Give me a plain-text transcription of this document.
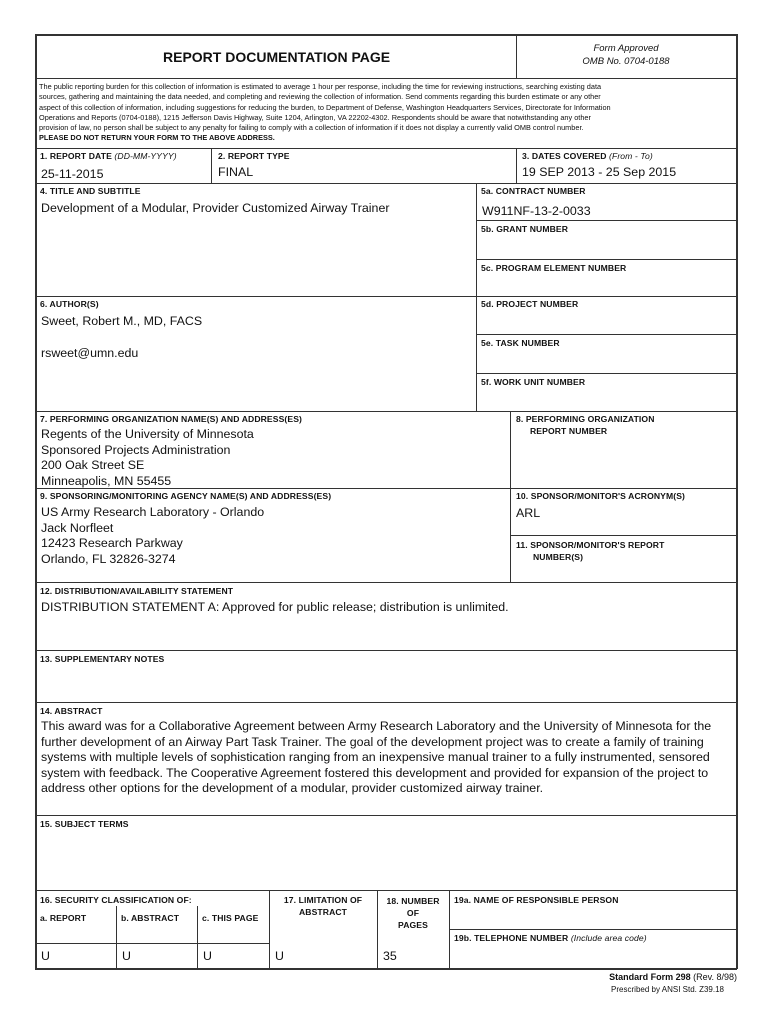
REPORT DOCUMENTATION PAGE
Form Approved
OMB No. 0704-0188
The public reporting burden for this collection of information is estimated to average 1 hour per response, including the time for reviewing instructions, searching existing data
sources, gathering and maintaining the data needed, and completing and reviewing the collection of information. Send comments regarding this burden estimate or any other
aspect of this collection of information, including suggestions for reducing the burden, to Department of Defense, Washington Headquarters Services, Directorate for Information
Operations and Reports (0704-0188), 1215 Jefferson Davis Highway, Suite 1204, Arlington, VA 22202-4302. Respondents should be aware that notwithstanding any other
provision of law, no person shall be subject to any penalty for failing to comply with a collection of information if it does not display a currently valid OMB control number.
PLEASE DO NOT RETURN YOUR FORM TO THE ABOVE ADDRESS.
1. REPORT DATE (DD-MM-YYYY)
25-11-2015
2. REPORT TYPE
FINAL
3. DATES COVERED (From - To)
19 SEP 2013 - 25 Sep 2015
4. TITLE AND SUBTITLE
Development of a Modular, Provider Customized Airway Trainer
5a. CONTRACT NUMBER
W911NF-13-2-0033
5b. GRANT NUMBER
5c. PROGRAM ELEMENT NUMBER
6. AUTHOR(S)
Sweet, Robert M., MD, FACS
rsweet@umn.edu
5d. PROJECT NUMBER
5e. TASK NUMBER
5f. WORK UNIT NUMBER
7. PERFORMING ORGANIZATION NAME(S) AND ADDRESS(ES)
Regents of the University of Minnesota
Sponsored Projects Administration
200 Oak Street SE
Minneapolis, MN 55455
8. PERFORMING ORGANIZATION
REPORT NUMBER
9. SPONSORING/MONITORING AGENCY NAME(S) AND ADDRESS(ES)
US Army Research Laboratory - Orlando
Jack Norfleet
12423 Research Parkway
Orlando, FL 32826-3274
10. SPONSOR/MONITOR'S ACRONYM(S)
ARL
11. SPONSOR/MONITOR'S REPORT
NUMBER(S)
12. DISTRIBUTION/AVAILABILITY STATEMENT
DISTRIBUTION STATEMENT A: Approved for public release; distribution is unlimited.
13. SUPPLEMENTARY NOTES
14. ABSTRACT
This award was for a Collaborative Agreement between Army Research Laboratory and the University of Minnesota for the
further development of an Airway Part Task Trainer. The goal of the development project was to create a family of training
systems with multiple levels of sophistication ranging from an inexpensive manual trainer to a fully instrumented, sensored
system with feedback. The Cooperative Agreement fostered this development and provided for expansion of the project to
address other options for the development of a modular, provider customized airway trainer.
15. SUBJECT TERMS
16. SECURITY CLASSIFICATION OF:
a. REPORT	b. ABSTRACT	c. THIS PAGE
U	U	U
17. LIMITATION OF
ABSTRACT
U
18. NUMBER
OF
PAGES
35
19a. NAME OF RESPONSIBLE PERSON
19b. TELEPHONE NUMBER (Include area code)
Standard Form 298 (Rev. 8/98)
Prescribed by ANSI Std. Z39.18
